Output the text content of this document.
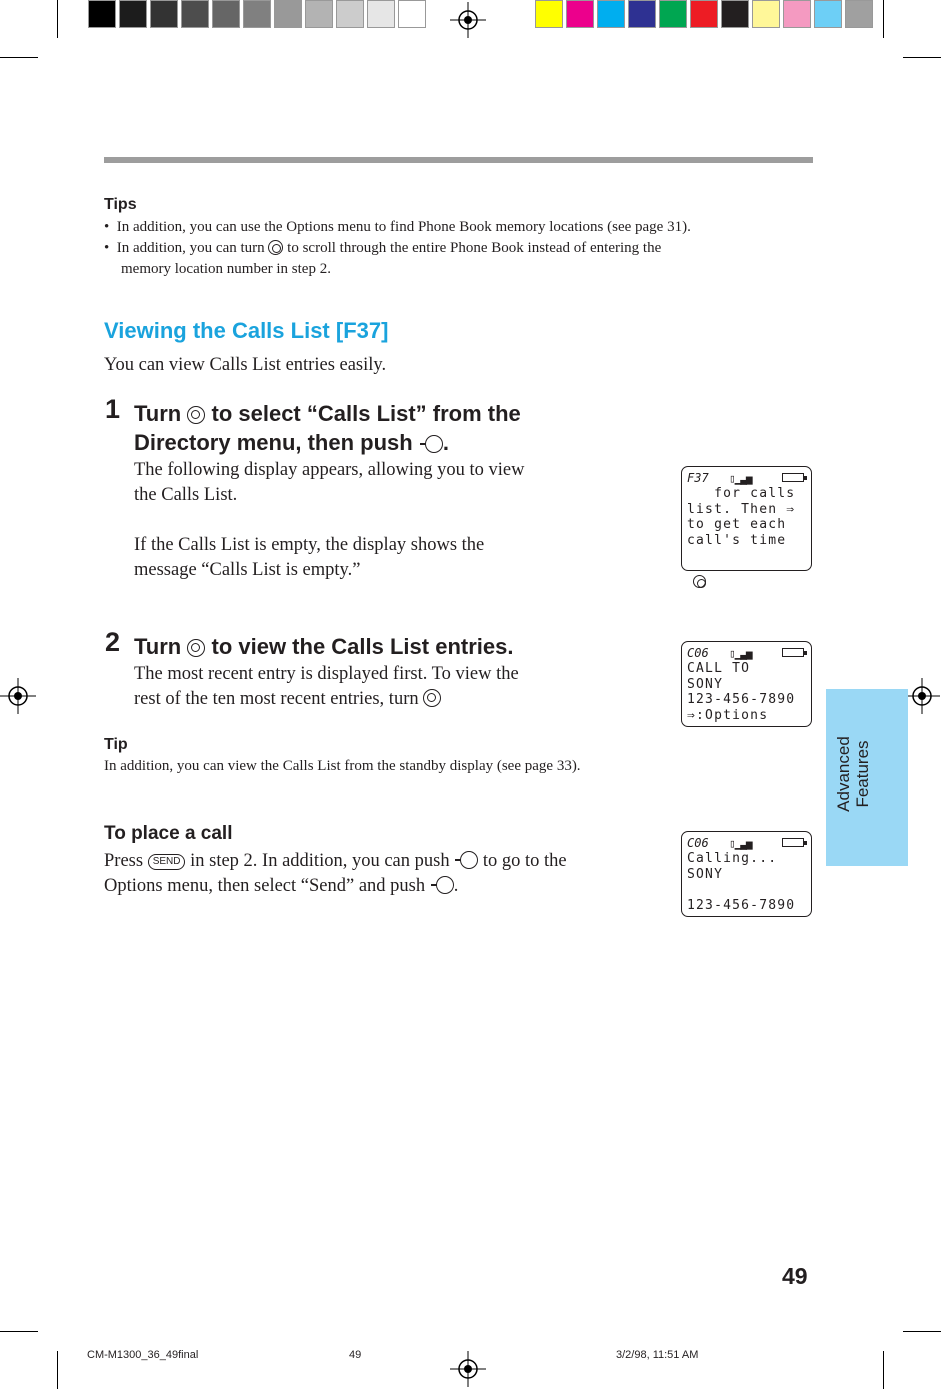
Tips
•  In addition, you can use the Options menu to find Phone Book memory locations (see page 31).
•  In addition, you can turn to scroll through the entire Phone Book instead of entering the
memory location number in step 2.
Viewing the Calls List [F37]
You can view Calls List entries easily.
1 Turn to select “Calls List” from the
Directory menu, then push .
The following display appears, allowing you to view
the Calls List.
If the Calls List is empty, the display shows the
message “Calls List is empty.”
F37 ▯▁▃▅
for calls
list. Then ⇒
to get each
call's time
2 Turn to view the Calls List entries.
The most recent entry is displayed first. To view the
rest of the ten most recent entries, turn
C06 ▯▁▃▅
CALL TO
SONY
123-456-7890
⇒:Options
Tip
In addition, you can view the Calls List from the standby display (see page 33).
To place a call
Press SEND in step 2. In addition, you can push to go to the
Options menu, then select “Send” and push .
C06 ▯▁▃▅
Calling...
SONY
123-456-7890
Advanced Features
49
CM-M1300_36_49final	49	3/2/98, 11:51 AM
